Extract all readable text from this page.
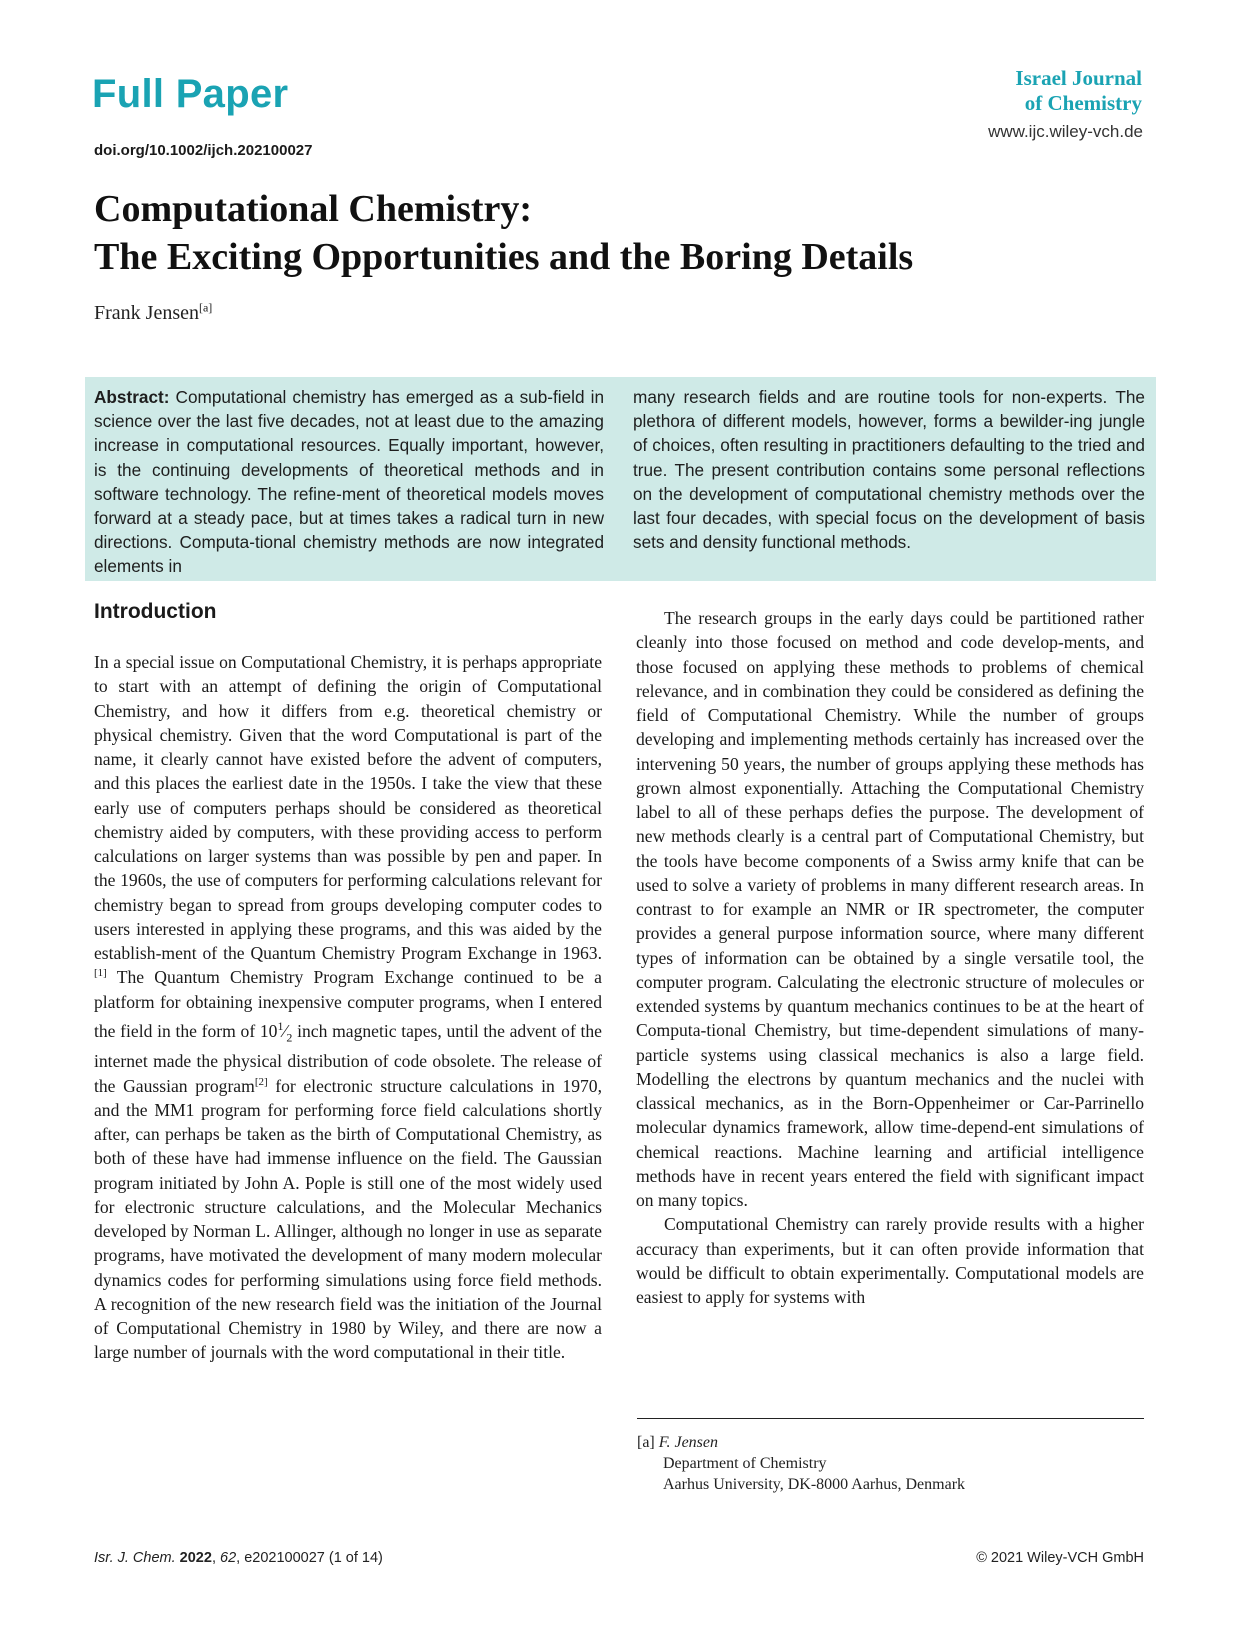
Full Paper
doi.org/10.1002/ijch.202100027
Israel Journal
of Chemistry
www.ijc.wiley-vch.de
Computational Chemistry:
The Exciting Opportunities and the Boring Details
Frank Jensen[a]
Abstract: Computational chemistry has emerged as a sub-field in science over the last five decades, not at least due to the amazing increase in computational resources. Equally important, however, is the continuing developments of theoretical methods and in software technology. The refine-ment of theoretical models moves forward at a steady pace, but at times takes a radical turn in new directions. Computa-tional chemistry methods are now integrated elements in
many research fields and are routine tools for non-experts. The plethora of different models, however, forms a bewilder-ing jungle of choices, often resulting in practitioners defaulting to the tried and true. The present contribution contains some personal reflections on the development of computational chemistry methods over the last four decades, with special focus on the development of basis sets and density functional methods.
Introduction

In a special issue on Computational Chemistry, it is perhaps appropriate to start with an attempt of defining the origin of Computational Chemistry, and how it differs from e.g. theoretical chemistry or physical chemistry. Given that the word Computational is part of the name, it clearly cannot have existed before the advent of computers, and this places the earliest date in the 1950s. I take the view that these early use of computers perhaps should be considered as theoretical chemistry aided by computers, with these providing access to perform calculations on larger systems than was possible by pen and paper. In the 1960s, the use of computers for performing calculations relevant for chemistry began to spread from groups developing computer codes to users interested in applying these programs, and this was aided by the establish-ment of the Quantum Chemistry Program Exchange in 1963.[1] The Quantum Chemistry Program Exchange continued to be a platform for obtaining inexpensive computer programs, when I entered the field in the form of $10^1⁄_2$ inch magnetic tapes, until the advent of the internet made the physical distribution of code obsolete. The release of the Gaussian program[2] for electronic structure calculations in 1970, and the MM1 program for performing force field calculations shortly after, can perhaps be taken as the birth of Computational Chemistry, as both of these have had immense influence on the field. The Gaussian program initiated by John A. Pople is still one of the most widely used for electronic structure calculations, and the Molecular Mechanics developed by Norman L. Allinger, although no longer in use as separate programs, have motivated the development of many modern molecular dynamics codes for performing simulations using force field methods. A recognition of the new research field was the initiation of the Journal of Computational Chemistry in 1980 by Wiley, and there are now a large number of journals with the word computational in their title.

The research groups in the early days could be partitioned rather cleanly into those focused on method and code develop-ments, and those focused on applying these methods to problems of chemical relevance, and in combination they could be considered as defining the field of Computational Chemistry. While the number of groups developing and implementing methods certainly has increased over the intervening 50 years, the number of groups applying these methods has grown almost exponentially. Attaching the Computational Chemistry label to all of these perhaps defies the purpose. The development of new methods clearly is a central part of Computational Chemistry, but the tools have become components of a Swiss army knife that can be used to solve a variety of problems in many different research areas. In contrast to for example an NMR or IR spectrometer, the computer provides a general purpose information source, where many different types of information can be obtained by a single versatile tool, the computer program. Calculating the electronic structure of molecules or extended systems by quantum mechanics continues to be at the heart of Computa-tional Chemistry, but time-dependent simulations of many-particle systems using classical mechanics is also a large field. Modelling the electrons by quantum mechanics and the nuclei with classical mechanics, as in the Born-Oppenheimer or Car-Parrinello molecular dynamics framework, allow time-depend-ent simulations of chemical reactions. Machine learning and artificial intelligence methods have in recent years entered the field with significant impact on many topics.

Computational Chemistry can rarely provide results with a higher accuracy than experiments, but it can often provide information that would be difficult to obtain experimentally. Computational models are easiest to apply for systems with

[a] F. Jensen
Department of Chemistry
Aarhus University, DK-8000 Aarhus, Denmark
Isr. J. Chem. 2022, 62, e202100027 (1 of 14)	© 2021 Wiley-VCH GmbH
